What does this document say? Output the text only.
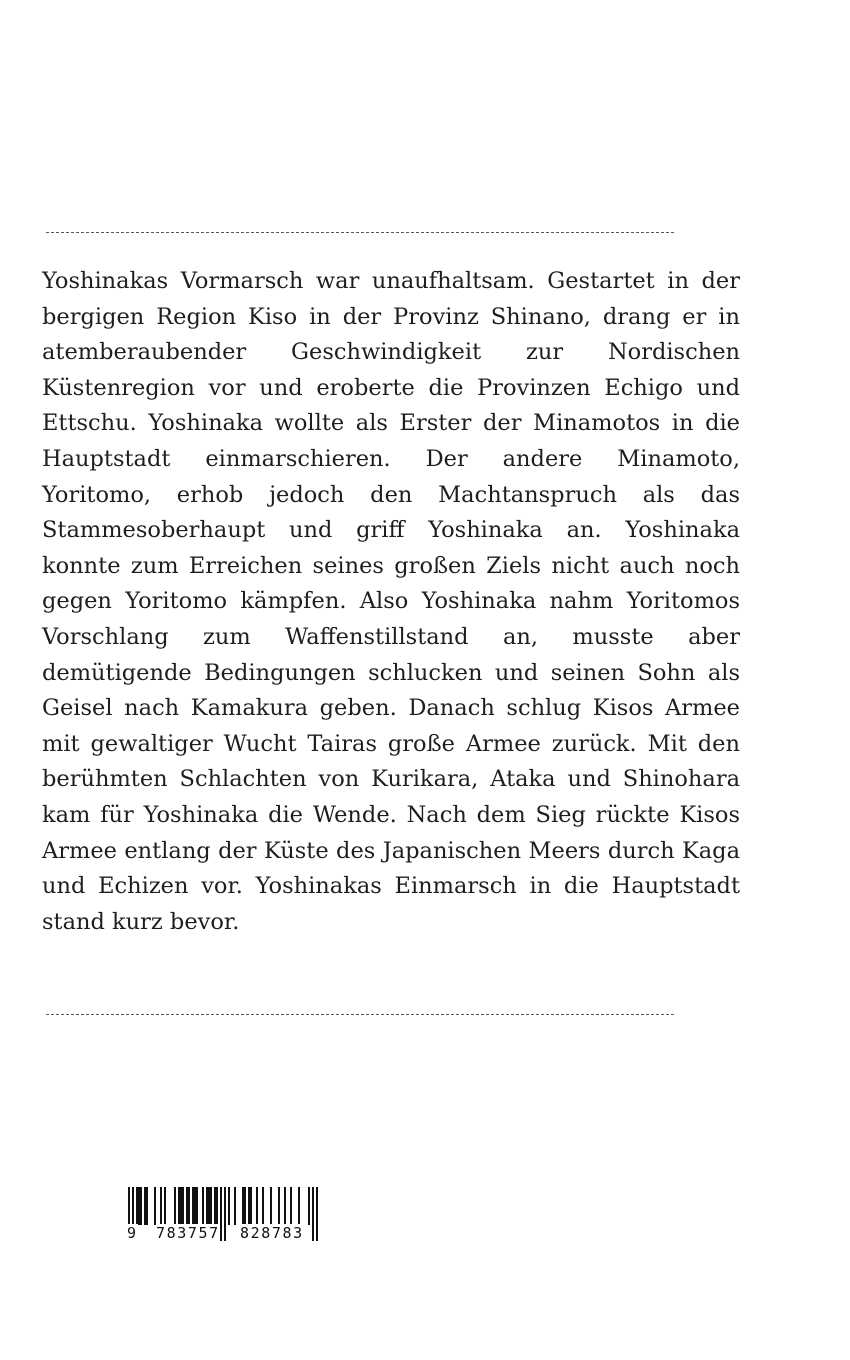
Yoshinakas Vormarsch war unaufhaltsam. Gestartet in der bergigen Region Kiso in der Provinz Shinano, drang er in atemberaubender Geschwindigkeit zur Nordischen Küstenregion vor und eroberte die Provinzen Echigo und Ettschu. Yoshinaka wollte als Erster der Minamotos in die Hauptstadt einmarschieren. Der andere Minamoto, Yoritomo, erhob jedoch den Machtanspruch als das Stammesoberhaupt und griff Yoshinaka an. Yoshinaka konnte zum Erreichen seines großen Ziels nicht auch noch gegen Yoritomo kämpfen. Also Yoshinaka nahm Yoritomos Vorschlang zum Waffenstillstand an, musste aber demütigende Bedingungen schlucken und seinen Sohn als Geisel nach Kamakura geben. Danach schlug Kisos Armee mit gewaltiger Wucht Tairas große Armee zurück. Mit den berühmten Schlachten von Kurikara, Ataka und Shinohara kam für Yoshinaka die Wende. Nach dem Sieg rückte Kisos Armee entlang der Küste des Japanischen Meers durch Kaga und Echizen vor. Yoshinakas Einmarsch in die Hauptstadt stand kurz bevor.

9 783757 828783
